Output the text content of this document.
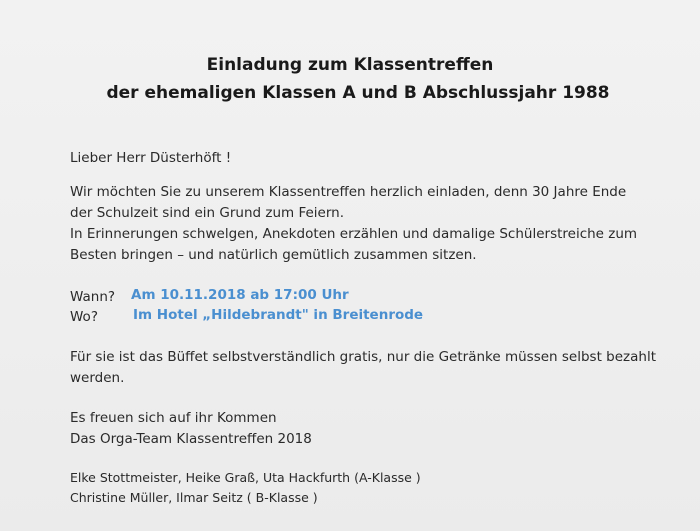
Einladung zum Klassentreffen
der ehemaligen Klassen A und B Abschlussjahr 1988
Lieber Herr Düsterhöft !
Wir möchten Sie zu unserem Klassentreffen herzlich einladen, denn 30 Jahre Ende
der Schulzeit sind ein Grund zum Feiern.
In Erinnerungen schwelgen, Anekdoten erzählen und damalige Schülerstreiche zum
Besten bringen – und natürlich gemütlich zusammen sitzen.
Wann? Am 10.11.2018 ab 17:00 Uhr
Wo?	Im Hotel „Hildebrandt" in Breitenrode
Für sie ist das Büffet selbstverständlich gratis, nur die Getränke müssen selbst bezahlt
werden.
Es freuen sich auf ihr Kommen
Das Orga-Team Klassentreffen 2018
Elke Stottmeister, Heike Graß, Uta Hackfurth (A-Klasse )
Christine Müller, Ilmar Seitz ( B-Klasse )
